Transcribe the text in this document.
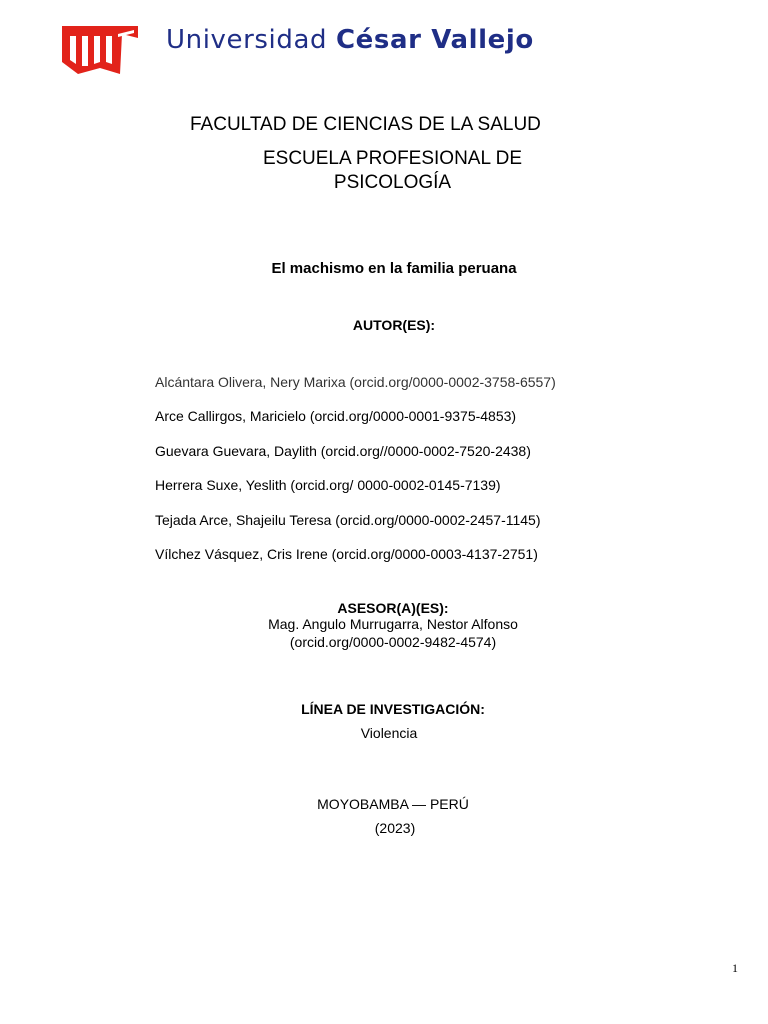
Universidad César Vallejo
FACULTAD DE CIENCIAS DE LA SALUD
ESCUELA PROFESIONAL DE
PSICOLOGÍA
El machismo en la familia peruana
AUTOR(ES):
Alcántara Olivera, Nery Marixa (orcid.org/0000-0002-3758-6557)
Arce Callirgos, Maricielo (orcid.org/0000-0001-9375-4853)
Guevara Guevara, Daylith (orcid.org//0000-0002-7520-2438)
Herrera Suxe, Yeslith (orcid.org/ 0000-0002-0145-7139)
Tejada Arce, Shajeilu Teresa (orcid.org/0000-0002-2457-1145)
Vílchez Vásquez, Cris Irene (orcid.org/0000-0003-4137-2751)
ASESOR(A)(ES):
Mag. Angulo Murrugarra, Nestor Alfonso
(orcid.org/0000-0002-9482-4574)
LÍNEA DE INVESTIGACIÓN:
Violencia
MOYOBAMBA — PERÚ
(2023)
1
